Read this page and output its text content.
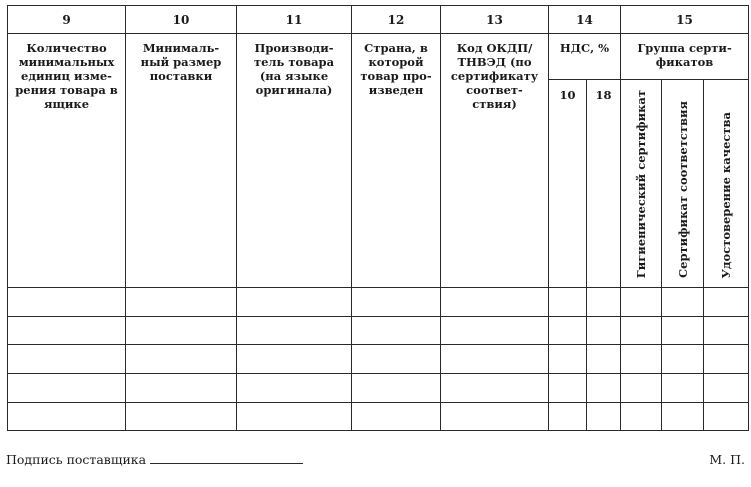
9	10	11	12	13	14		15		
Количество минимальных единиц изме- рения товара в ящике	Минималь- ный размер поставки	Производи- тель товара (на языке оригинала)	Страна, в которой товар про- изведен	Код ОКДП/ ТНВЭД (по сертификату соответ- ствия)	НДС, %		Группа серти- фикатов		
					10	18	Гигиенический сертификат	Сертификат соответствия	Удостоверение качества

Подпись поставщика	М. П.
